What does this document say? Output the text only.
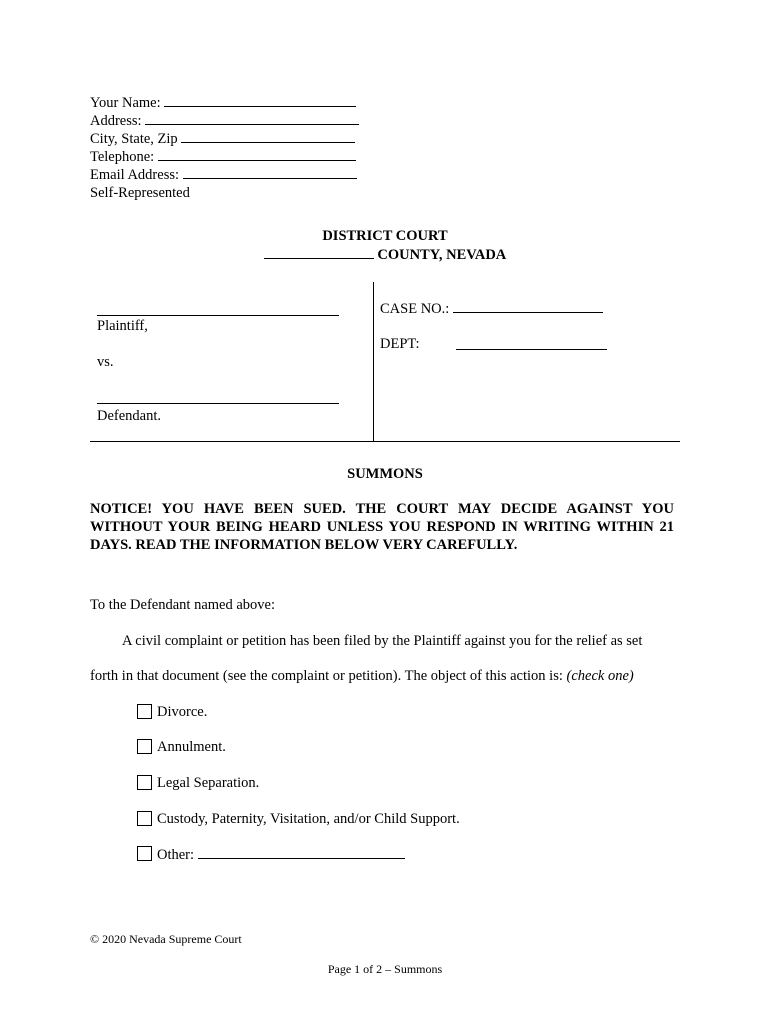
Your Name:
Address:
City, State, Zip
Telephone:
Email Address:
Self-Represented
DISTRICT COURT
COUNTY, NEVADA
Plaintiff,
vs.
Defendant.
CASE NO.:
DEPT:
SUMMONS
NOTICE! YOU HAVE BEEN SUED. THE COURT MAY DECIDE AGAINST YOU WITHOUT YOUR BEING HEARD UNLESS YOU RESPOND IN WRITING WITHIN 21 DAYS. READ THE INFORMATION BELOW VERY CAREFULLY.
To the Defendant named above:
A civil complaint or petition has been filed by the Plaintiff against you for the relief as set
forth in that document (see the complaint or petition). The object of this action is: (check one)
Divorce.
Annulment.
Legal Separation.
Custody, Paternity, Visitation, and/or Child Support.
Other:
© 2020 Nevada Supreme Court
Page 1 of 2 – Summons
